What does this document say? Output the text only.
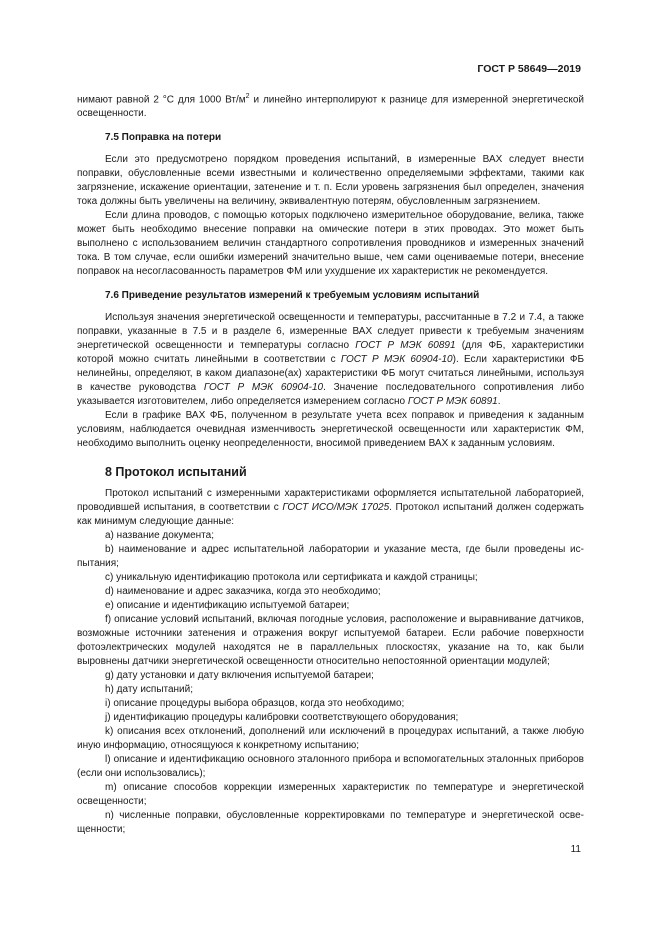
ГОСТ Р 58649—2019

нимают равной 2 °С для 1000 $Вт/м^2$ и линейно интерполируют к разнице для измеренной энергетической освещенности.

7.5 Поправка на потери

Если это предусмотрено порядком проведения испытаний, в измеренные ВАХ следует внести поправки, обусловленные всеми известными и количественно определяемыми эффектами, такими как загрязнение, искажение ориентации, затенение и т. п. Если уровень загрязнения был определен, значения тока должны быть увеличены на величину, эквивалентную потерям, обусловленным загрязнением.

Если длина проводов, с помощью которых подключено измерительное оборудование, велика, также может быть необходимо внесение поправки на омические потери в этих проводах. Это может быть выполнено с использованием величин стандартного сопротивления проводников и измеренных значений тока. В том случае, если ошибки измерений значительно выше, чем сами оцениваемые потери, внесение поправок на несогласованность параметров ФМ или ухудшение их характеристик не рекомендуется.

7.6 Приведение результатов измерений к требуемым условиям испытаний

Используя значения энергетической освещенности и температуры, рассчитанные в 7.2 и 7.4, а также поправки, указанные в 7.5 и в разделе 6, измеренные ВАХ следует привести к требуемым значениям энергетической освещенности и температуры согласно ГОСТ Р МЭК 60891 (для ФБ, характеристики которой можно считать линейными в соответствии с ГОСТ Р МЭК 60904-10). Если характеристики ФБ нелинейны, определяют, в каком диапазоне(ах) характеристики ФБ могут считаться линейными, используя в качестве руководства ГОСТ Р МЭК 60904-10. Значение последовательного сопротивления либо указывается изготовителем, либо определяется измерением согласно ГОСТ Р МЭК 60891.

Если в графике ВАХ ФБ, полученном в результате учета всех поправок и приведения к заданным условиям, наблюдается очевидная изменчивость энергетической освещенности или характеристик ФМ, необходимо выполнить оценку неопределенности, вносимой приведением ВАХ к заданным условиям.

8 Протокол испытаний

Протокол испытаний с измеренными характеристиками оформляется испытательной лабораторией, проводившей испытания, в соответствии с ГОСТ ИСО/МЭК 17025. Протокол испытаний должен содержать как минимум следующие данные:

a) название документа;

b) наименование и адрес испытательной лаборатории и указание места, где были проведены испытания;

c) уникальную идентификацию протокола или сертификата и каждой страницы;

d) наименование и адрес заказчика, когда это необходимо;

e) описание и идентификацию испытуемой батареи;

f) описание условий испытаний, включая погодные условия, расположение и выравнивание датчиков, возможные источники затенения и отражения вокруг испытуемой батареи. Если рабочие поверхности фотоэлектрических модулей находятся не в параллельных плоскостях, указание на то, как были выровнены датчики энергетической освещенности относительно непостоянной ориентации модулей;

g) дату установки и дату включения испытуемой батареи;

h) дату испытаний;

i) описание процедуры выбора образцов, когда это необходимо;

j) идентификацию процедуры калибровки соответствующего оборудования;

k) описания всех отклонений, дополнений или исключений в процедурах испытаний, а также любую иную информацию, относящуюся к конкретному испытанию;

l) описание и идентификацию основного эталонного прибора и вспомогательных эталонных приборов (если они использовались);

m) описание способов коррекции измеренных характеристик по температуре и энергетической освещенности;

n) численные поправки, обусловленные корректировками по температуре и энергетической освещенности;

11
